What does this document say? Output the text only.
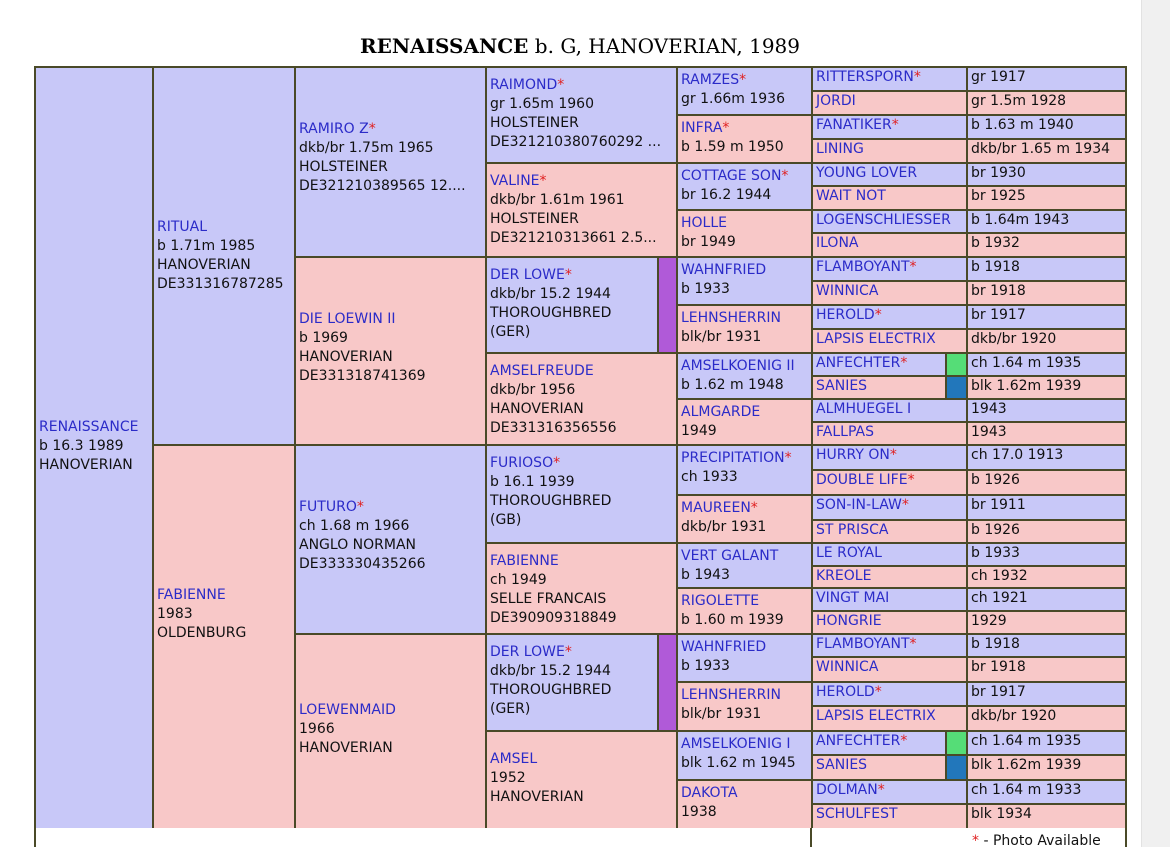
RENAISSANCE b. G, HANOVERIAN, 1989
RENAISSANCE
b 16.3 1989
HANOVERIAN
RITUAL
b 1.71m 1985
HANOVERIAN
DE331316787285
FABIENNE
1983
OLDENBURG
RAMIRO Z*
dkb/br 1.75m 1965
HOLSTEINER
DE321210389565 12....
DIE LOEWIN II
b 1969
HANOVERIAN
DE331318741369
FUTURO*
ch 1.68 m 1966
ANGLO NORMAN
DE333330435266
LOEWENMAID
1966
HANOVERIAN
RAIMOND*
gr 1.65m 1960
HOLSTEINER
DE321210380760292 ...
VALINE*
dkb/br 1.61m 1961
HOLSTEINER
DE321210313661 2.5...
DER LOWE*
dkb/br 15.2 1944
THOROUGHBRED
(GER)
AMSELFREUDE
dkb/br 1956
HANOVERIAN
DE331316356556
FURIOSO*
b 16.1 1939
THOROUGHBRED
(GB)
FABIENNE
ch 1949
SELLE FRANCAIS
DE390909318849
DER LOWE*
dkb/br 15.2 1944
THOROUGHBRED
(GER)
AMSEL
1952
HANOVERIAN
RAMZES*
gr 1.66m 1936
INFRA*
b 1.59 m 1950
COTTAGE SON*
br 16.2 1944
HOLLE
br 1949
WAHNFRIED
b 1933
LEHNSHERRIN
blk/br 1931
AMSELKOENIG II
b 1.62 m 1948
ALMGARDE
1949
PRECIPITATION*
ch 1933
MAUREEN*
dkb/br 1931
VERT GALANT
b 1943
RIGOLETTE
b 1.60 m 1939
WAHNFRIED
b 1933
LEHNSHERRIN
blk/br 1931
AMSELKOENIG I
blk 1.62 m 1945
DAKOTA
1938
RITTERSPORN*	gr 1917
JORDI	gr 1.5m 1928
FANATIKER*	b 1.63 m 1940
LINING	dkb/br 1.65 m 1934
YOUNG LOVER	br 1930
WAIT NOT	br 1925
LOGENSCHLIESSER	b 1.64m 1943
ILONA	b 1932
FLAMBOYANT*	b 1918
WINNICA	br 1918
HEROLD*	br 1917
LAPSIS ELECTRIX	dkb/br 1920
ANFECHTER*	ch 1.64 m 1935
SANIES	blk 1.62m 1939
ALMHUEGEL I	1943
FALLPAS	1943
HURRY ON*	ch 17.0 1913
DOUBLE LIFE*	b 1926
SON-IN-LAW*	br 1911
ST PRISCA	b 1926
LE ROYAL	b 1933
KREOLE	ch 1932
VINGT MAI	ch 1921
HONGRIE	1929
FLAMBOYANT*	b 1918
WINNICA	br 1918
HEROLD*	br 1917
LAPSIS ELECTRIX	dkb/br 1920
ANFECHTER*	ch 1.64 m 1935
SANIES	blk 1.62m 1939
DOLMAN*	ch 1.64 m 1933
SCHULFEST	blk 1934
* - Photo Available
